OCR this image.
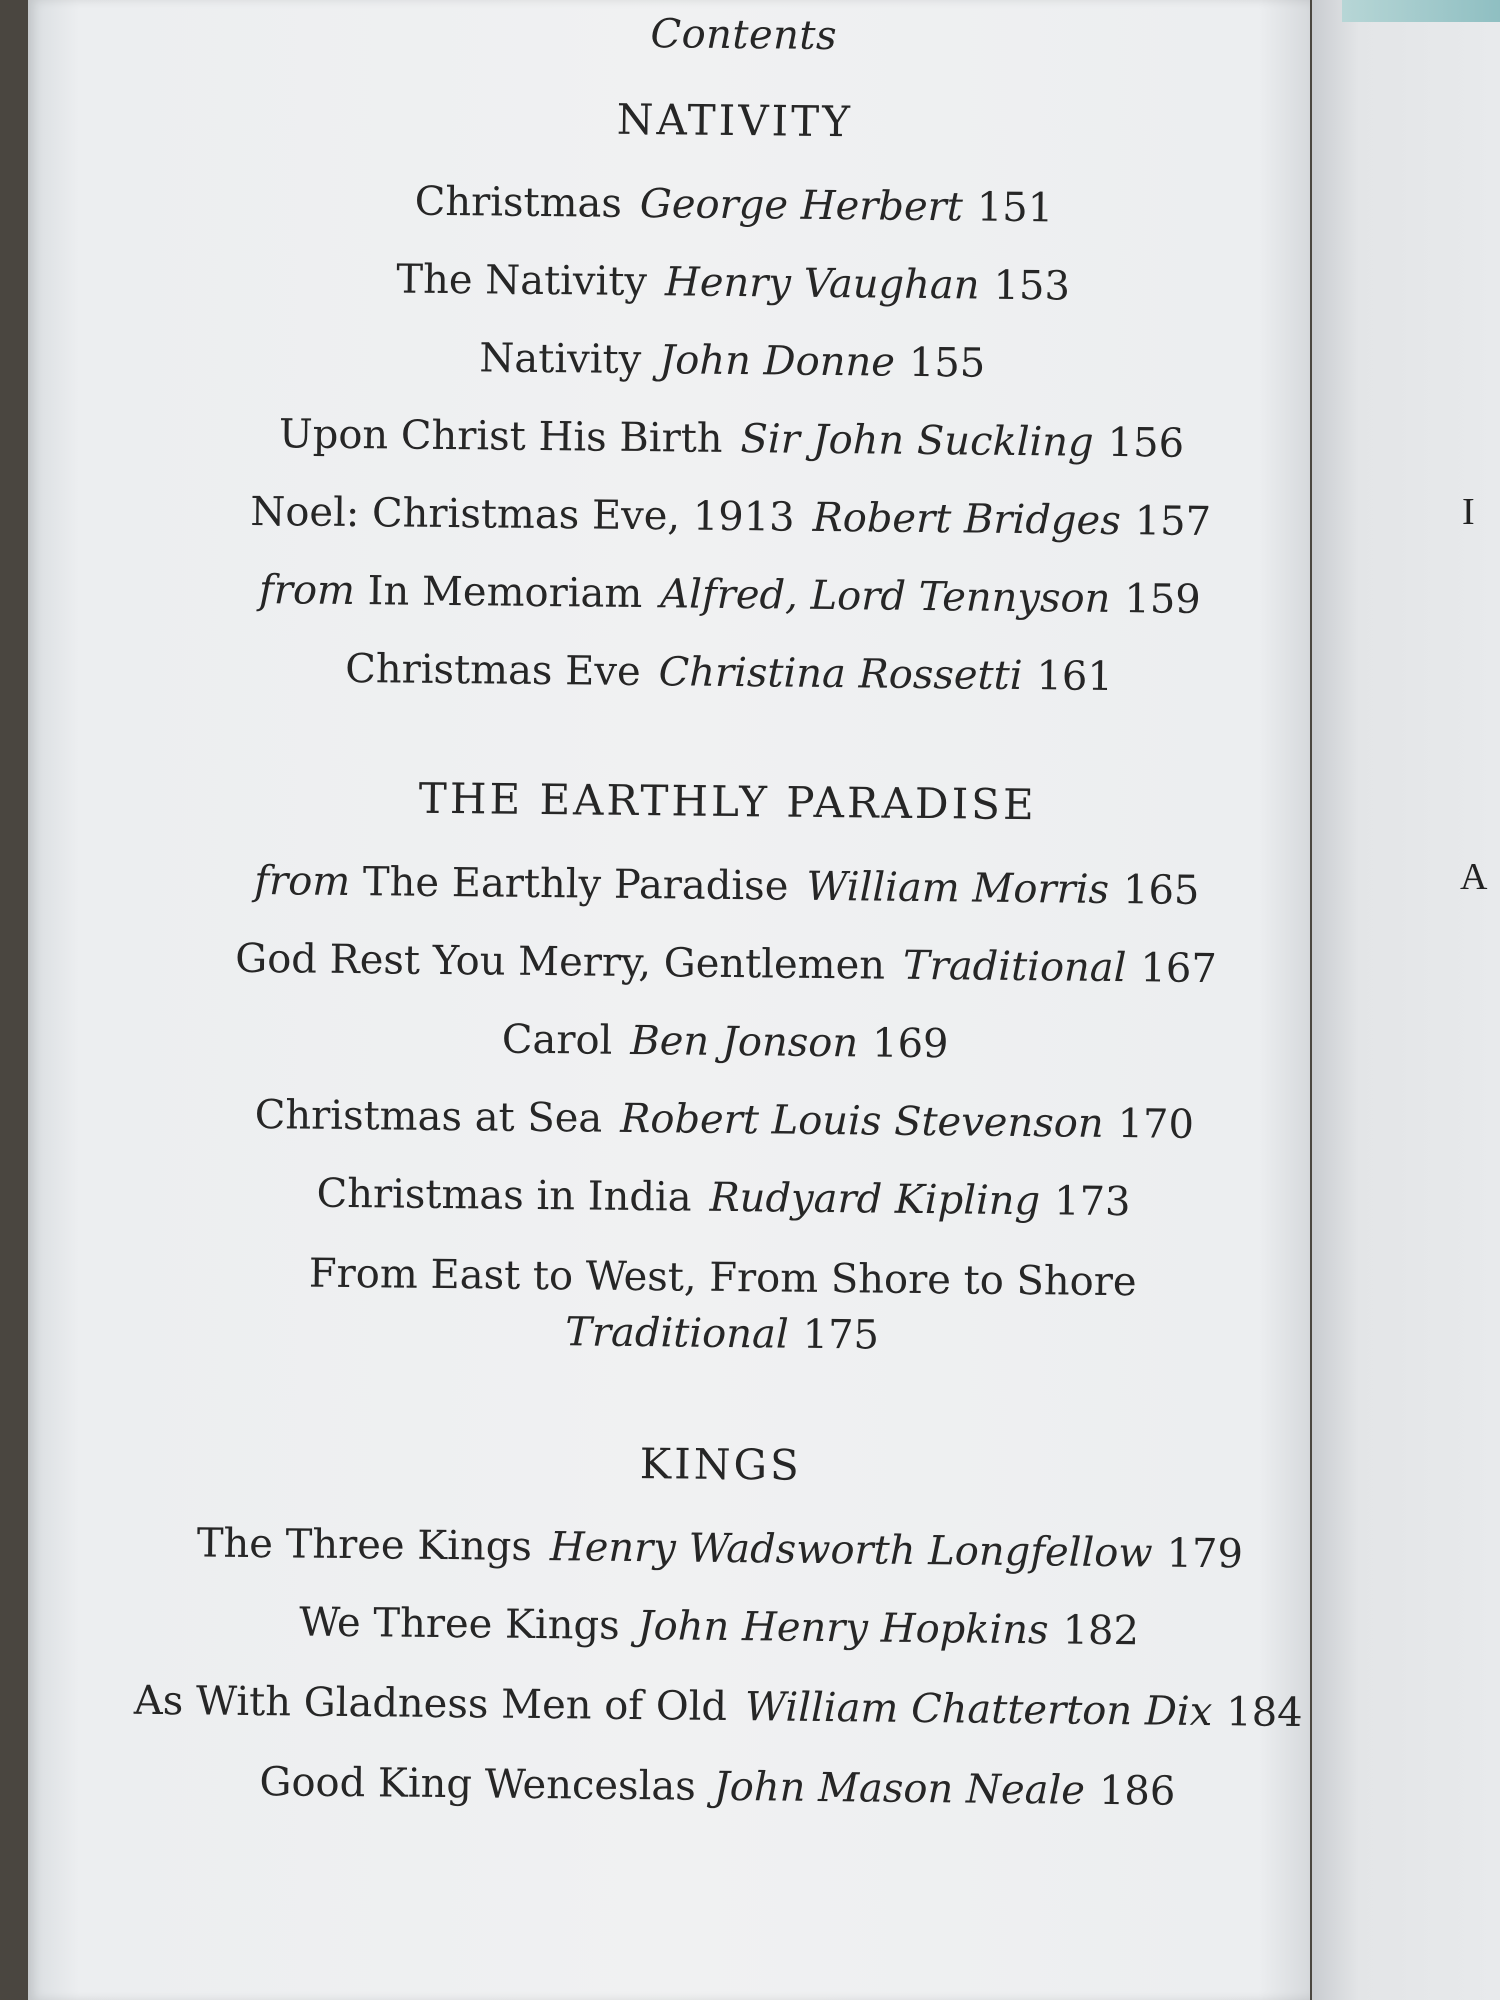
I
A
Contents
NATIVITY
Christmas George Herbert 151
The Nativity Henry Vaughan 153
Nativity John Donne 155
Upon Christ His Birth Sir John Suckling 156
Noel: Christmas Eve, 1913 Robert Bridges 157
from In Memoriam Alfred, Lord Tennyson 159
Christmas Eve Christina Rossetti 161
THE EARTHLY PARADISE
from The Earthly Paradise William Morris 165
God Rest You Merry, Gentlemen Traditional 167
Carol Ben Jonson 169
Christmas at Sea Robert Louis Stevenson 170
Christmas in India Rudyard Kipling 173
From East to West, From Shore to Shore
Traditional 175
KINGS
The Three Kings Henry Wadsworth Longfellow 179
We Three Kings John Henry Hopkins 182
As With Gladness Men of Old William Chatterton Dix 184
Good King Wenceslas John Mason Neale 186
